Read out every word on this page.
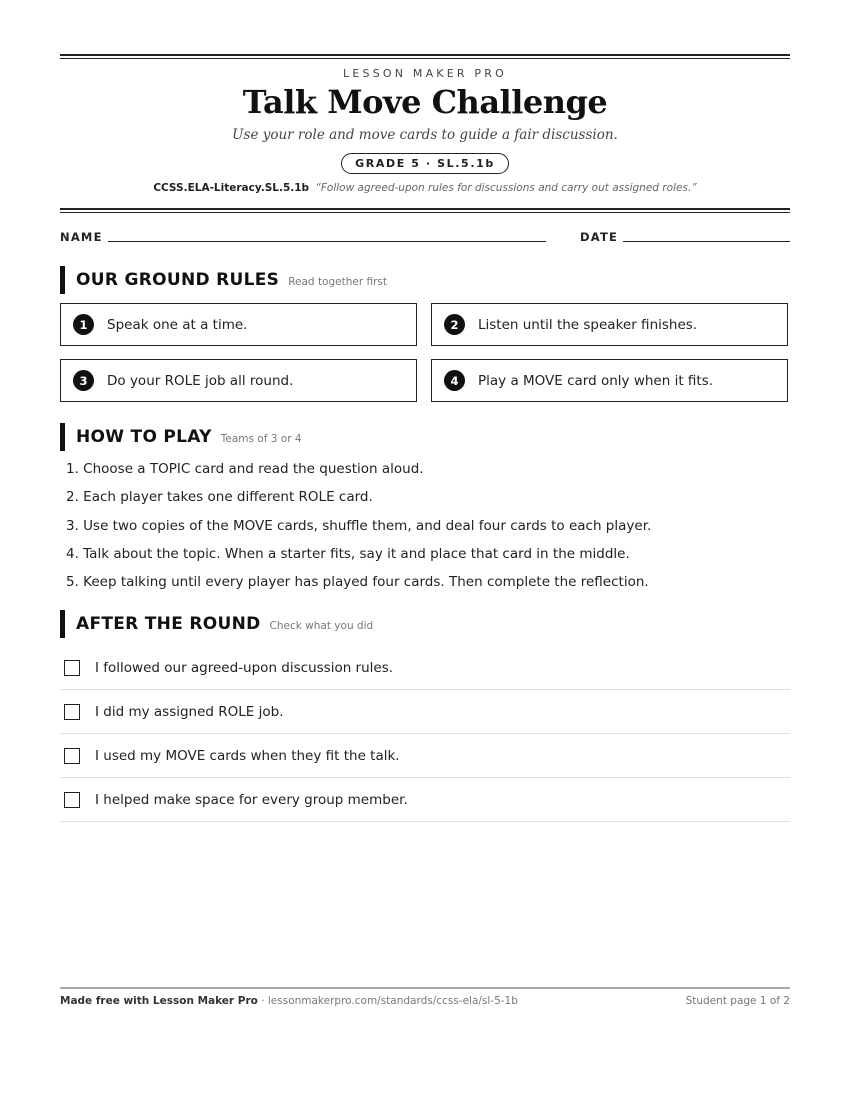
LESSON MAKER PRO
Talk Move Challenge
Use your role and move cards to guide a fair discussion.
GRADE 5 · SL.5.1b
CCSS.ELA-Literacy.SL.5.1b “Follow agreed-upon rules for discussions and carry out assigned roles.”
NAME	DATE
OUR GROUND RULES Read together first
1	Speak one at a time.	2	Listen until the speaker finishes.
3	Do your ROLE job all round.	4	Play a MOVE card only when it fits.
HOW TO PLAY Teams of 3 or 4
1. Choose a TOPIC card and read the question aloud.
2. Each player takes one different ROLE card.
3. Use two copies of the MOVE cards, shuffle them, and deal four cards to each player.
4. Talk about the topic. When a starter fits, say it and place that card in the middle.
5. Keep talking until every player has played four cards. Then complete the reflection.
AFTER THE ROUND Check what you did
I followed our agreed-upon discussion rules.
I did my assigned ROLE job.
I used my MOVE cards when they fit the talk.
I helped make space for every group member.
Made free with Lesson Maker Pro · lessonmakerpro.com/standards/ccss-ela/sl-5-1b	Student page 1 of 2
